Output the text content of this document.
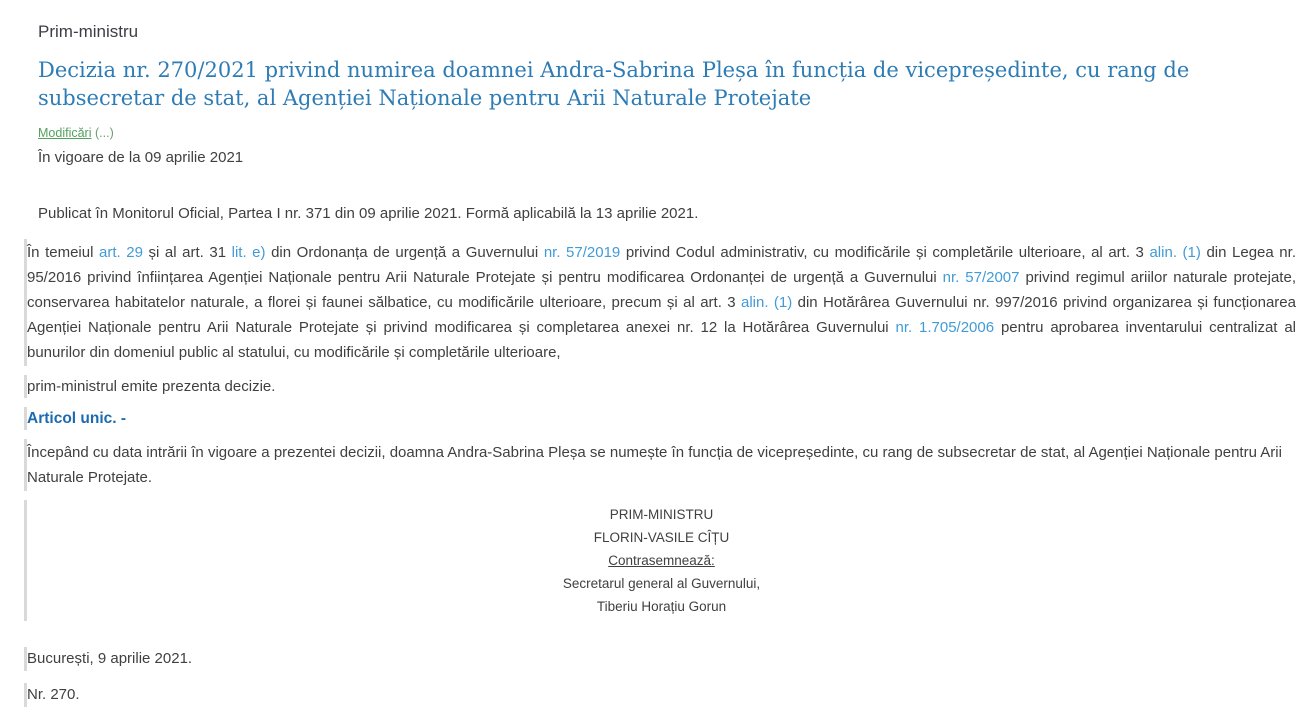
Prim-ministru
Decizia nr. 270/2021 privind numirea doamnei Andra-Sabrina Pleșa în funcția de vicepreședinte, cu rang de subsecretar de stat, al Agenției Naționale pentru Arii Naturale Protejate
Modificări (...)
În vigoare de la 09 aprilie 2021
Publicat în Monitorul Oficial, Partea I nr. 371 din 09 aprilie 2021. Formă aplicabilă la 13 aprilie 2021.
În temeiul art. 29 și al art. 31 lit. e) din Ordonanța de urgență a Guvernului nr. 57/2019 privind Codul administrativ, cu modificările și completările ulterioare, al art. 3 alin. (1) din Legea nr. 95/2016 privind înființarea Agenției Naționale pentru Arii Naturale Protejate și pentru modificarea Ordonanței de urgență a Guvernului nr. 57/2007 privind regimul ariilor naturale protejate, conservarea habitatelor naturale, a florei și faunei sălbatice, cu modificările ulterioare, precum și al art. 3 alin. (1) din Hotărârea Guvernului nr. 997/2016 privind organizarea și funcționarea Agenției Naționale pentru Arii Naturale Protejate și privind modificarea și completarea anexei nr. 12 la Hotărârea Guvernului nr. 1.705/2006 pentru aprobarea inventarului centralizat al bunurilor din domeniul public al statului, cu modificările și completările ulterioare,
prim-ministrul emite prezenta decizie.
Articol unic. -
Începând cu data intrării în vigoare a prezentei decizii, doamna Andra-Sabrina Pleșa se numește în funcția de vicepreședinte, cu rang de subsecretar de stat, al Agenției Naționale pentru Arii Naturale Protejate.
PRIM-MINISTRU
FLORIN-VASILE CÎȚU
Contrasemnează:
Secretarul general al Guvernului,
Tiberiu Horațiu Gorun
București, 9 aprilie 2021.
Nr. 270.
